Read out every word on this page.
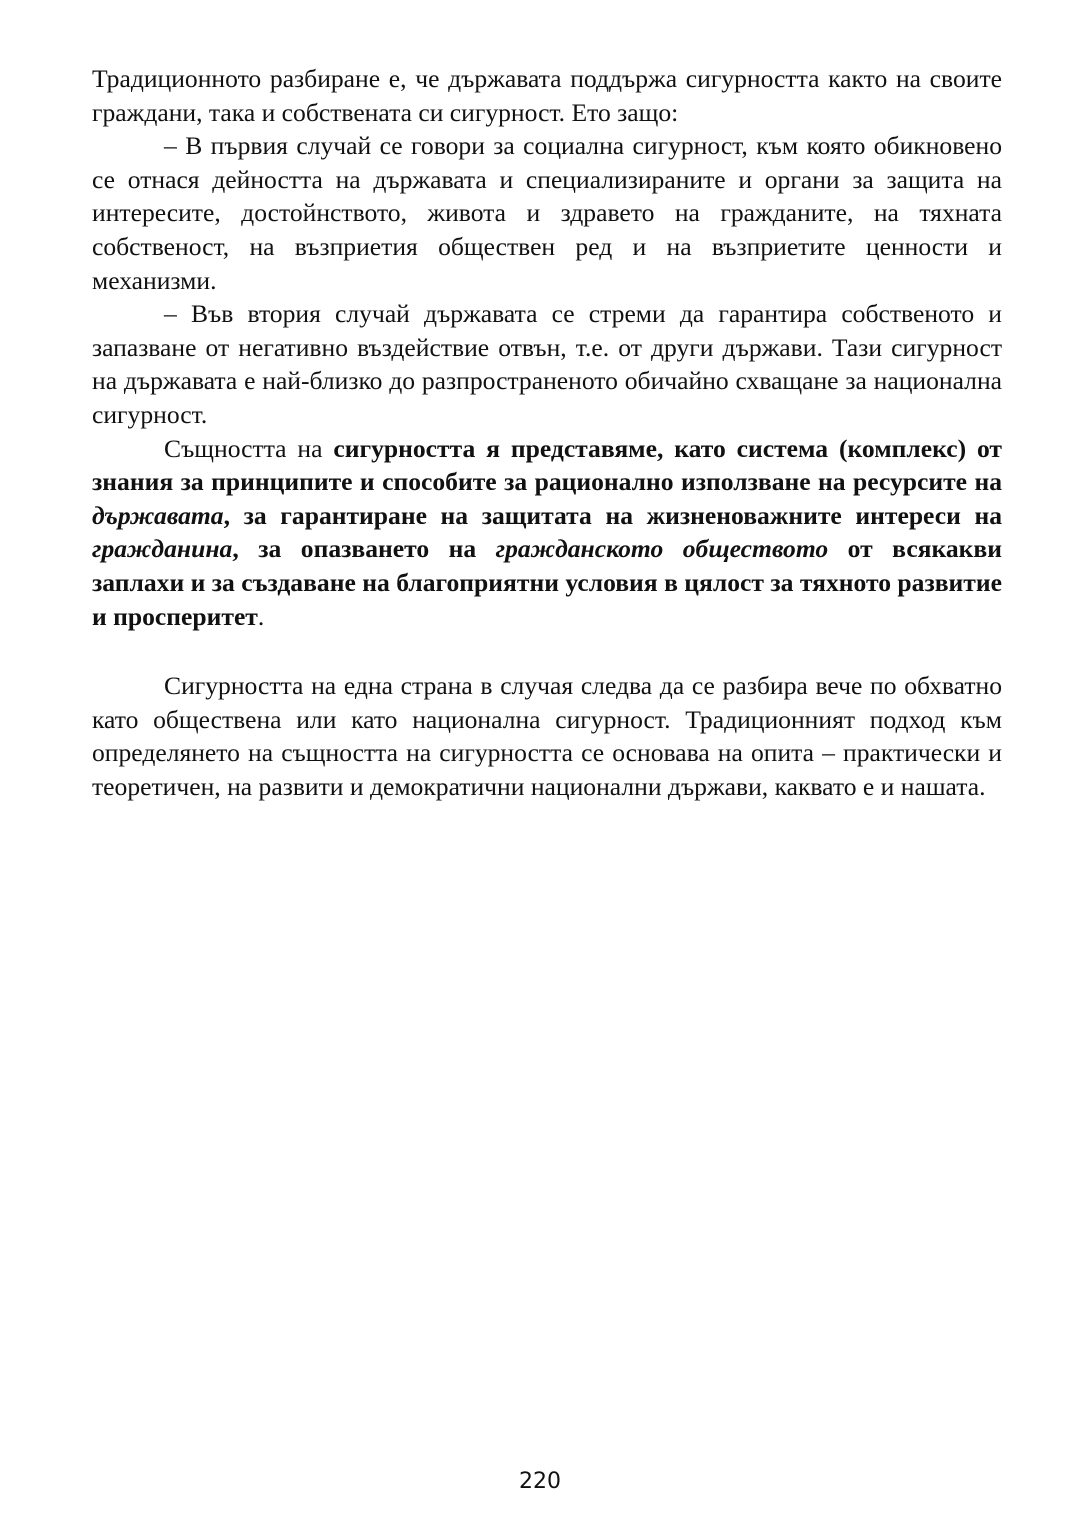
Традиционното разбиране е, че държавата поддържа сигурността както на своите граждани, така и собствената си сигурност. Ето защо:

– В първия случай се говори за социална сигурност, към която обикновено се отнася дейността на държавата и специализираните и органи за защита на интересите, достойнството, живота и здравето на гражданите, на тяхната собственост, на възприетия обществен ред и на възприетите ценности и механизми.

– Във втория случай държавата се стреми да гарантира собственото и запазване от негативно въздействие отвън, т.е. от други държави. Тази сигурност на държавата е най-близко до разпространеното обичайно схващане за национална сигурност.

Същността на сигурността я представяме, като система (комплекс) от знания за принципите и способите за рационално използване на ресурсите на държавата, за гарантиране на защитата на жизненоважните интереси на гражданина, за опазването на гражданското обществото от всякакви заплахи и за създаване на благоприятни условия в цялост за тяхното развитие и просперитет.

Сигурността на една страна в случая следва да се разбира вече по обхватно като обществена или като национална сигурност. Традиционният подход към определянето на същността на сигурността се основава на опита – практически и теоретичен, на развити и демократични национални държави, каквато е и нашата.

220
